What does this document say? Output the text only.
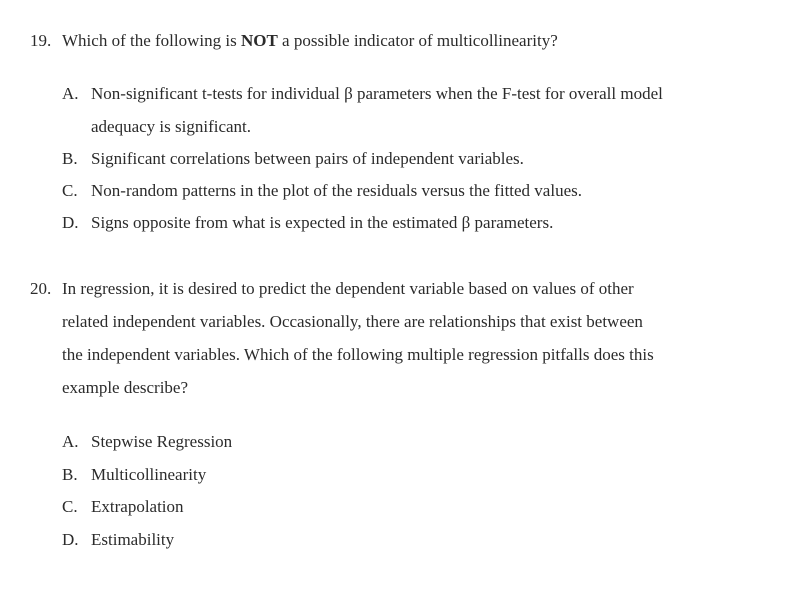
19. Which of the following is NOT a possible indicator of multicollinearity?
A. Non-significant t-tests for individual β parameters when the F-test for overall model
adequacy is significant.
B. Significant correlations between pairs of independent variables.
C. Non-random patterns in the plot of the residuals versus the fitted values.
D. Signs opposite from what is expected in the estimated β parameters.
20. In regression, it is desired to predict the dependent variable based on values of other
related independent variables. Occasionally, there are relationships that exist between
the independent variables. Which of the following multiple regression pitfalls does this
example describe?
A. Stepwise Regression
B. Multicollinearity
C. Extrapolation
D. Estimability
